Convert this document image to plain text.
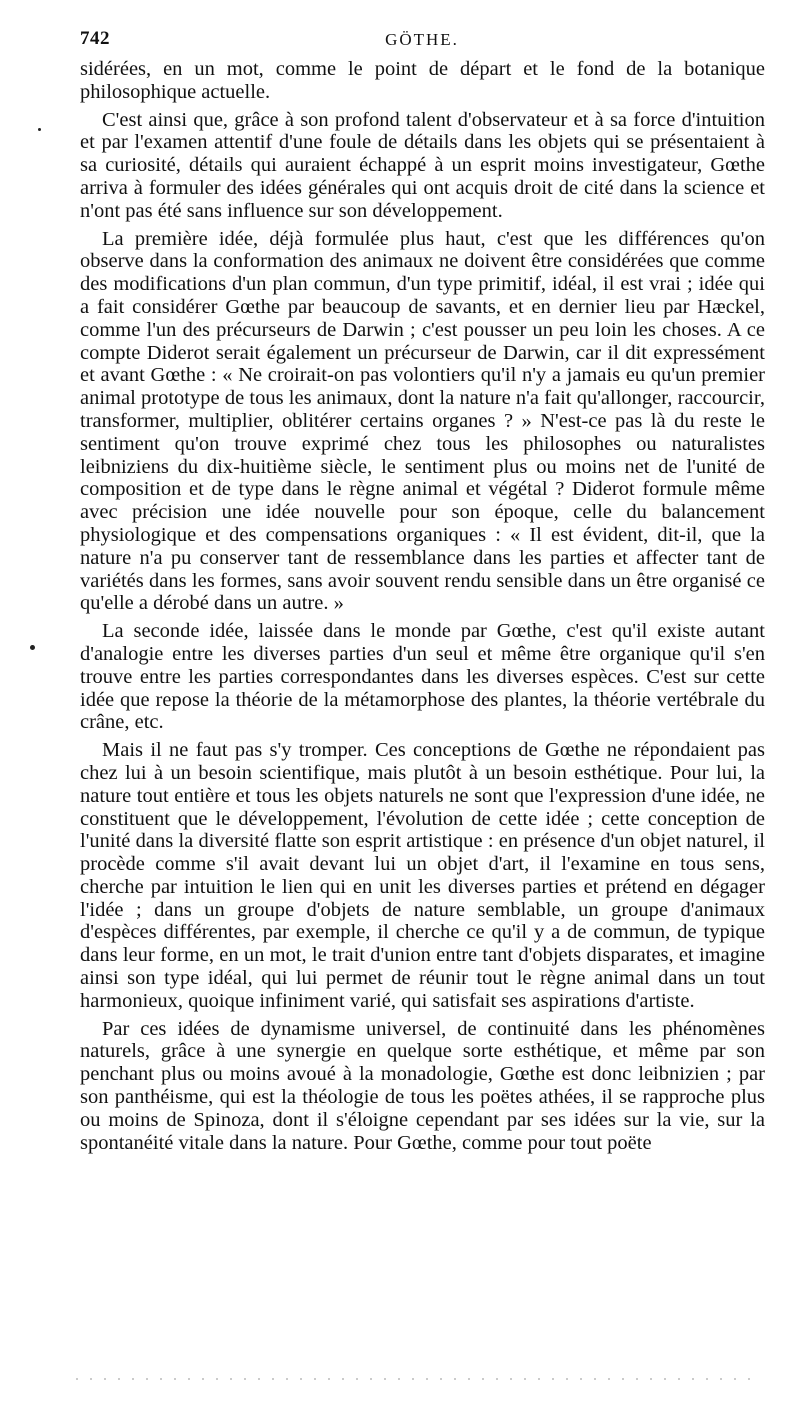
742	GÖTHE.

sidérées, en un mot, comme le point de départ et le fond de la botanique philosophique actuelle.

C'est ainsi que, grâce à son profond talent d'observateur et à sa force d'intuition et par l'examen attentif d'une foule de détails dans les objets qui se présentaient à sa curiosité, détails qui auraient échappé à un esprit moins investigateur, Gœthe arriva à formuler des idées générales qui ont acquis droit de cité dans la science et n'ont pas été sans influence sur son développement.

La première idée, déjà formulée plus haut, c'est que les différences qu'on observe dans la conformation des animaux ne doivent être considérées que comme des modifications d'un plan commun, d'un type primitif, idéal, il est vrai ; idée qui a fait considérer Gœthe par beaucoup de savants, et en dernier lieu par Hæckel, comme l'un des précurseurs de Darwin ; c'est pousser un peu loin les choses. A ce compte Diderot serait également un précurseur de Darwin, car il dit expressément et avant Gœthe : « Ne croirait-on pas volontiers qu'il n'y a jamais eu qu'un premier animal prototype de tous les animaux, dont la nature n'a fait qu'allonger, raccourcir, transformer, multiplier, oblitérer certains organes ? » N'est-ce pas là du reste le sentiment qu'on trouve exprimé chez tous les philosophes ou naturalistes leibniziens du dix-huitième siècle, le sentiment plus ou moins net de l'unité de composition et de type dans le règne animal et végétal ? Diderot formule même avec précision une idée nouvelle pour son époque, celle du balancement physiologique et des compensations organiques : « Il est évident, dit-il, que la nature n'a pu conserver tant de ressemblance dans les parties et affecter tant de variétés dans les formes, sans avoir souvent rendu sensible dans un être organisé ce qu'elle a dérobé dans un autre. »

La seconde idée, laissée dans le monde par Gœthe, c'est qu'il existe autant d'analogie entre les diverses parties d'un seul et même être organique qu'il s'en trouve entre les parties correspondantes dans les diverses espèces. C'est sur cette idée que repose la théorie de la métamorphose des plantes, la théorie vertébrale du crâne, etc.

Mais il ne faut pas s'y tromper. Ces conceptions de Gœthe ne répondaient pas chez lui à un besoin scientifique, mais plutôt à un besoin esthétique. Pour lui, la nature tout entière et tous les objets naturels ne sont que l'expression d'une idée, ne constituent que le développement, l'évolution de cette idée ; cette conception de l'unité dans la diversité flatte son esprit artistique : en présence d'un objet naturel, il procède comme s'il avait devant lui un objet d'art, il l'examine en tous sens, cherche par intuition le lien qui en unit les diverses parties et prétend en dégager l'idée ; dans un groupe d'objets de nature semblable, un groupe d'animaux d'espèces différentes, par exemple, il cherche ce qu'il y a de commun, de typique dans leur forme, en un mot, le trait d'union entre tant d'objets disparates, et imagine ainsi son type idéal, qui lui permet de réunir tout le règne animal dans un tout harmonieux, quoique infiniment varié, qui satisfait ses aspirations d'artiste.

Par ces idées de dynamisme universel, de continuité dans les phénomènes naturels, grâce à une synergie en quelque sorte esthétique, et même par son penchant plus ou moins avoué à la monadologie, Gœthe est donc leibnizien ; par son panthéisme, qui est la théologie de tous les poëtes athées, il se rapproche plus ou moins de Spinoza, dont il s'éloigne cependant par ses idées sur la vie, sur la spontanéité vitale dans la nature. Pour Gœthe, comme pour tout poëte
